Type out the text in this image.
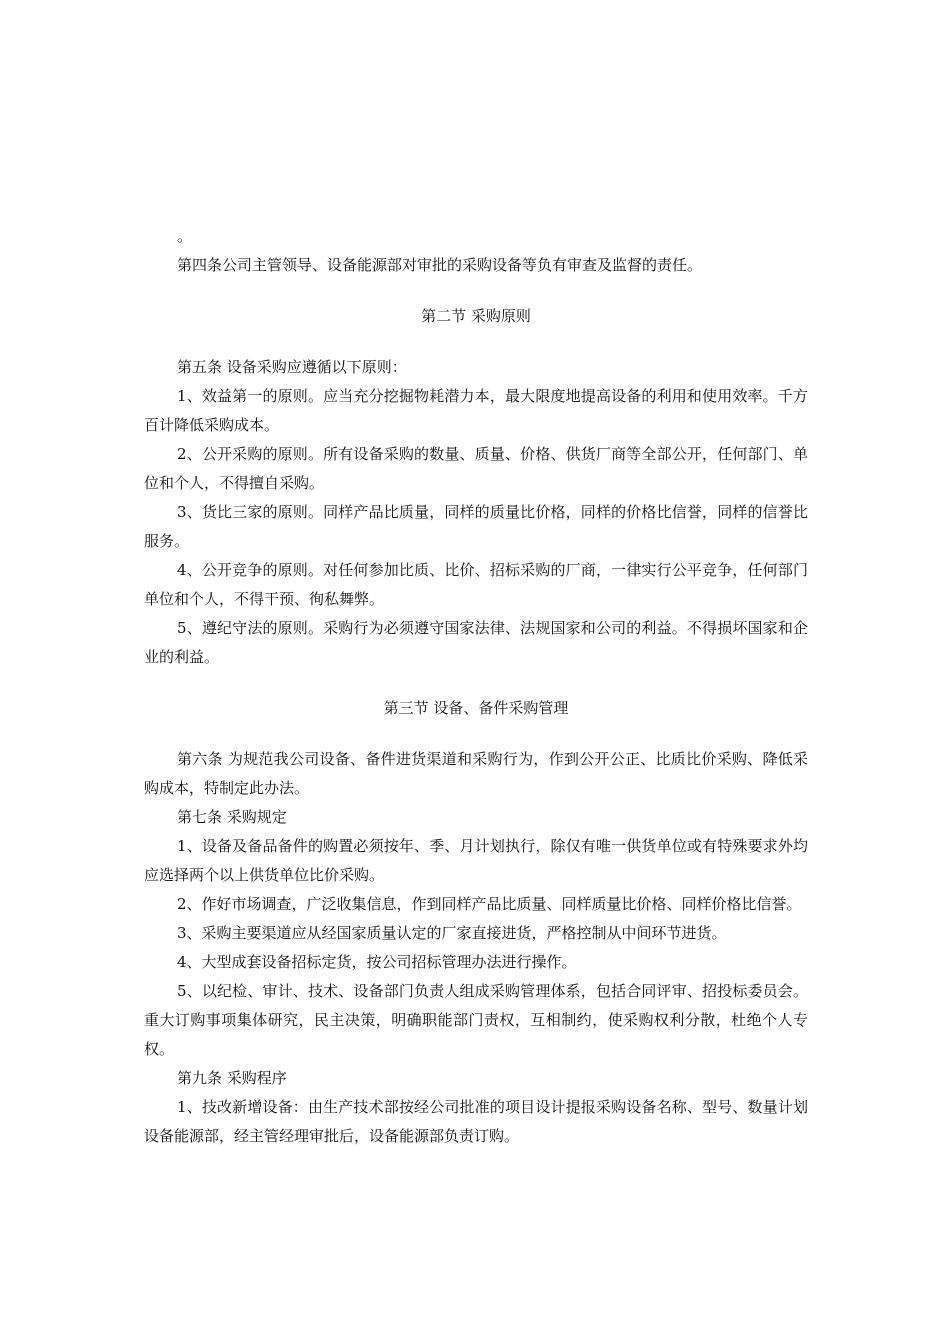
。

第四条公司主管领导、设备能源部对审批的采购设备等负有审查及监督的责任。

第二节 采购原则

第五条 设备采购应遵循以下原则：

1、效益第一的原则。应当充分挖掘物耗潜力本，最大限度地提高设备的利用和使用效率。千方百计降低采购成本。

2、公开采购的原则。所有设备采购的数量、质量、价格、供货厂商等全部公开，任何部门、单位和个人，不得擅自采购。

3、货比三家的原则。同样产品比质量，同样的质量比价格，同样的价格比信誉，同样的信誉比服务。

4、公开竞争的原则。对任何参加比质、比价、招标采购的厂商，一律实行公平竞争，任何部门单位和个人，不得干预、徇私舞弊。

5、遵纪守法的原则。采购行为必须遵守国家法律、法规国家和公司的利益。不得损坏国家和企业的利益。

第三节 设备、备件采购管理

第六条 为规范我公司设备、备件进货渠道和采购行为，作到公开公正、比质比价采购、降低采购成本，特制定此办法。

第七条 采购规定

1、设备及备品备件的购置必须按年、季、月计划执行，除仅有唯一供货单位或有特殊要求外均应选择两个以上供货单位比价采购。

2、作好市场调查，广泛收集信息，作到同样产品比质量、同样质量比价格、同样价格比信誉。

3、采购主要渠道应从经国家质量认定的厂家直接进货，严格控制从中间环节进货。

4、大型成套设备招标定货，按公司招标管理办法进行操作。

5、以纪检、审计、技术、设备部门负责人组成采购管理体系，包括合同评审、招投标委员会。重大订购事项集体研究，民主决策，明确职能部门责权，互相制约，使采购权利分散，杜绝个人专权。

第九条 采购程序

1、技改新增设备：由生产技术部按经公司批准的项目设计提报采购设备名称、型号、数量计划设备能源部，经主管经理审批后，设备能源部负责订购。
